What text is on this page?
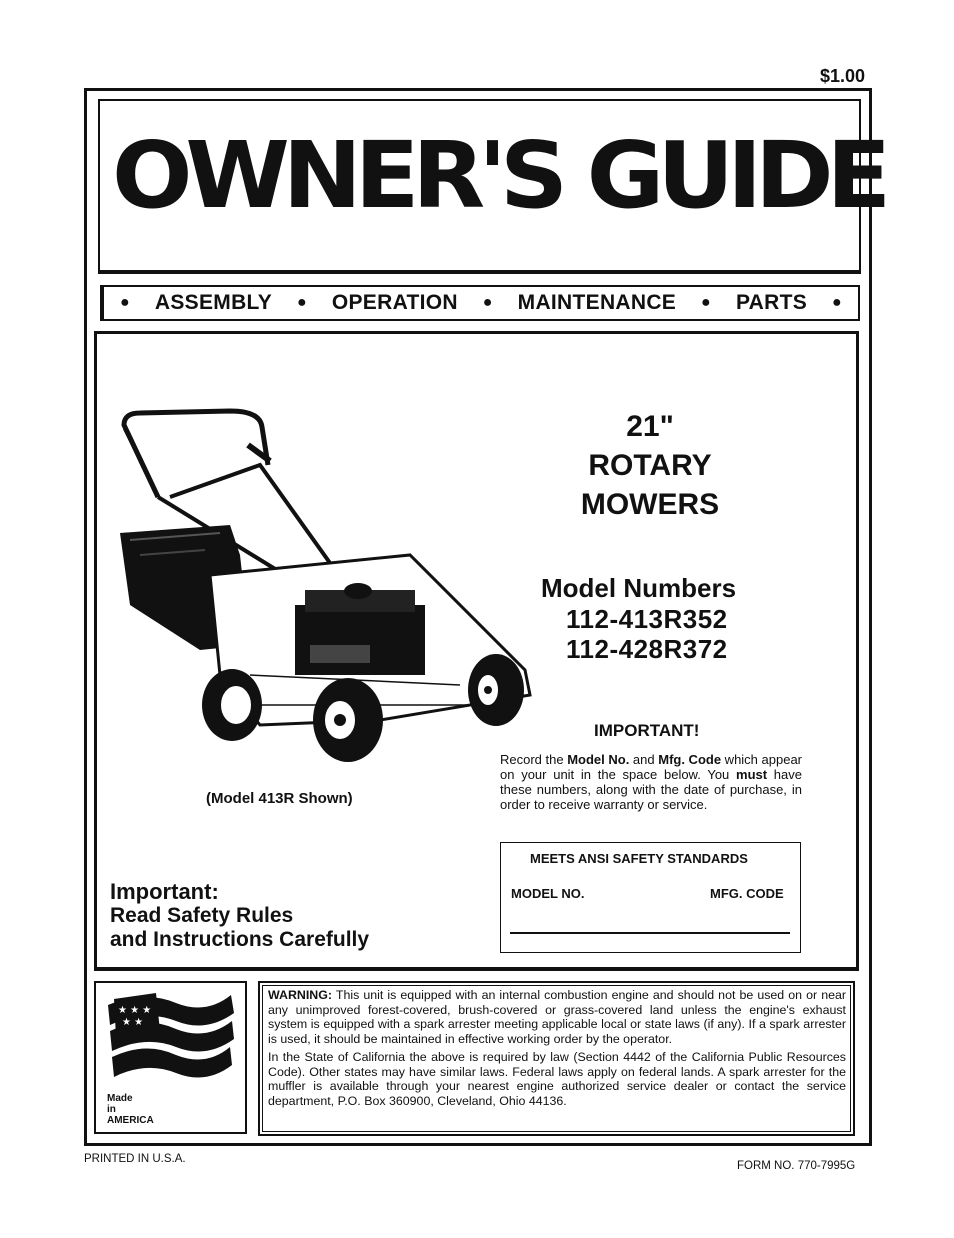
$1.00
OWNER'S GUIDE
● ASSEMBLY ● OPERATION ● MAINTENANCE ● PARTS ●
21"
ROTARY
MOWERS
Model Numbers
112-413R352
112-428R372
IMPORTANT!
Record the Model No. and Mfg. Code which appear on your unit in the space below. You must have these numbers, along with the date of purchase, in order to receive warranty or service.
(Model 413R Shown)
Important:
Read Safety Rules
and Instructions Carefully
MEETS ANSI SAFETY STANDARDS
MODEL NO.	MFG. CODE
★ ★ ★
★ ★
Made
in
AMERICA

WARNING: This unit is equipped with an internal combustion engine and should not be used on or near any unimproved forest-covered, brush-covered or grass-covered land unless the engine's exhaust system is equipped with a spark arrester meeting applicable local or state laws (if any). If a spark arrester is used, it should be maintained in effective working order by the operator.

In the State of California the above is required by law (Section 4442 of the California Public Resources Code). Other states may have similar laws. Federal laws apply on federal lands. A spark arrester for the muffler is available through your nearest engine authorized service dealer or contact the service department, P.O. Box 360900, Cleveland, Ohio 44136.

PRINTED IN U.S.A.
FORM NO. 770-7995G
